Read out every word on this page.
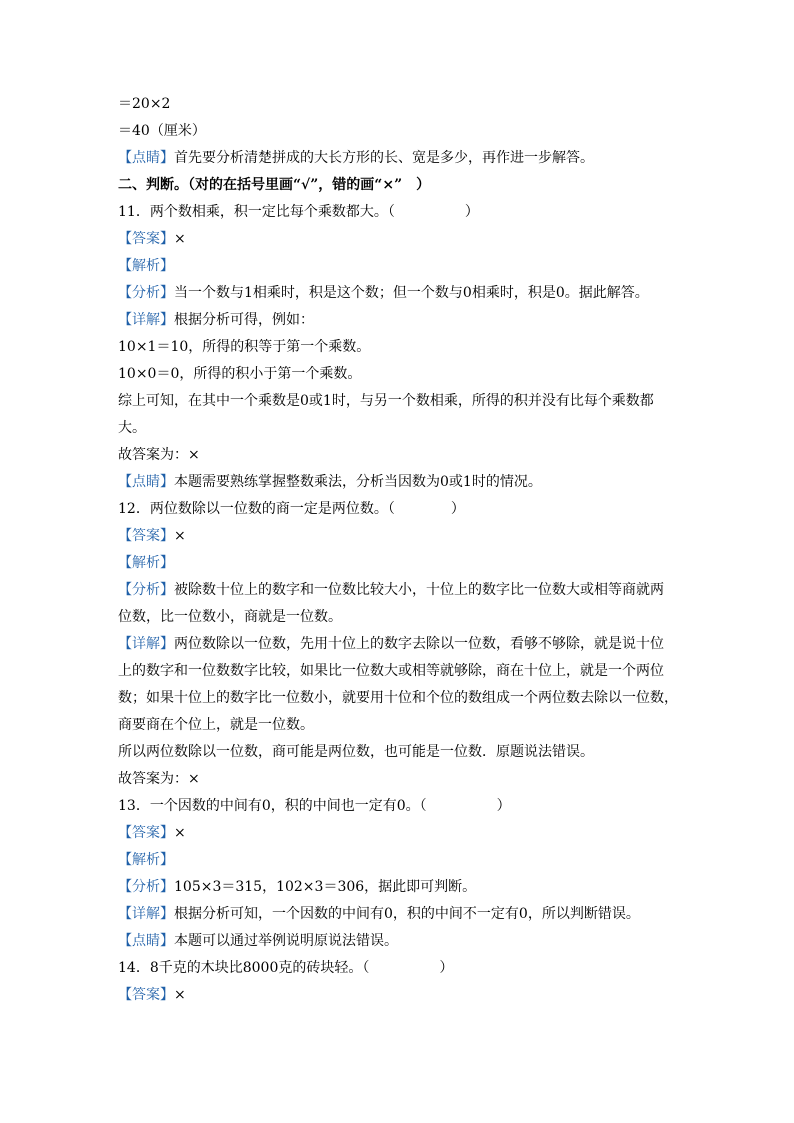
＝20×2
＝40（厘米）
【点睛】首先要分析清楚拼成的大长方形的长、宽是多少，再作进一步解答。
二、判断。（对的在括号里画“√”，错的画“×”　）
11．两个数相乘，积一定比每个乘数都大。（　　　　　）
【答案】×
【解析】
【分析】当一个数与1相乘时，积是这个数；但一个数与0相乘时，积是0。据此解答。
【详解】根据分析可得，例如：
10×1＝10，所得的积等于第一个乘数。
10×0＝0，所得的积小于第一个乘数。
综上可知，在其中一个乘数是0或1时，与另一个数相乘，所得的积并没有比每个乘数都
大。
故答案为：×
【点睛】本题需要熟练掌握整数乘法，分析当因数为0或1时的情况。
12．两位数除以一位数的商一定是两位数。（　　　　）
【答案】×
【解析】
【分析】被除数十位上的数字和一位数比较大小，十位上的数字比一位数大或相等商就两
位数，比一位数小，商就是一位数。
【详解】两位数除以一位数，先用十位上的数字去除以一位数，看够不够除，就是说十位
上的数字和一位数数字比较，如果比一位数大或相等就够除，商在十位上，就是一个两位
数；如果十位上的数字比一位数小，就要用十位和个位的数组成一个两位数去除以一位数，
商要商在个位上，就是一位数。
所以两位数除以一位数，商可能是两位数，也可能是一位数．原题说法错误。
故答案为：×
13．一个因数的中间有0，积的中间也一定有0。（　　　　　）
【答案】×
【解析】
【分析】105×3＝315，102×3＝306，据此即可判断。
【详解】根据分析可知，一个因数的中间有0，积的中间不一定有0，所以判断错误。
【点睛】本题可以通过举例说明原说法错误。
14．8千克的木块比8000克的砖块轻。（　　　　　）
【答案】×
